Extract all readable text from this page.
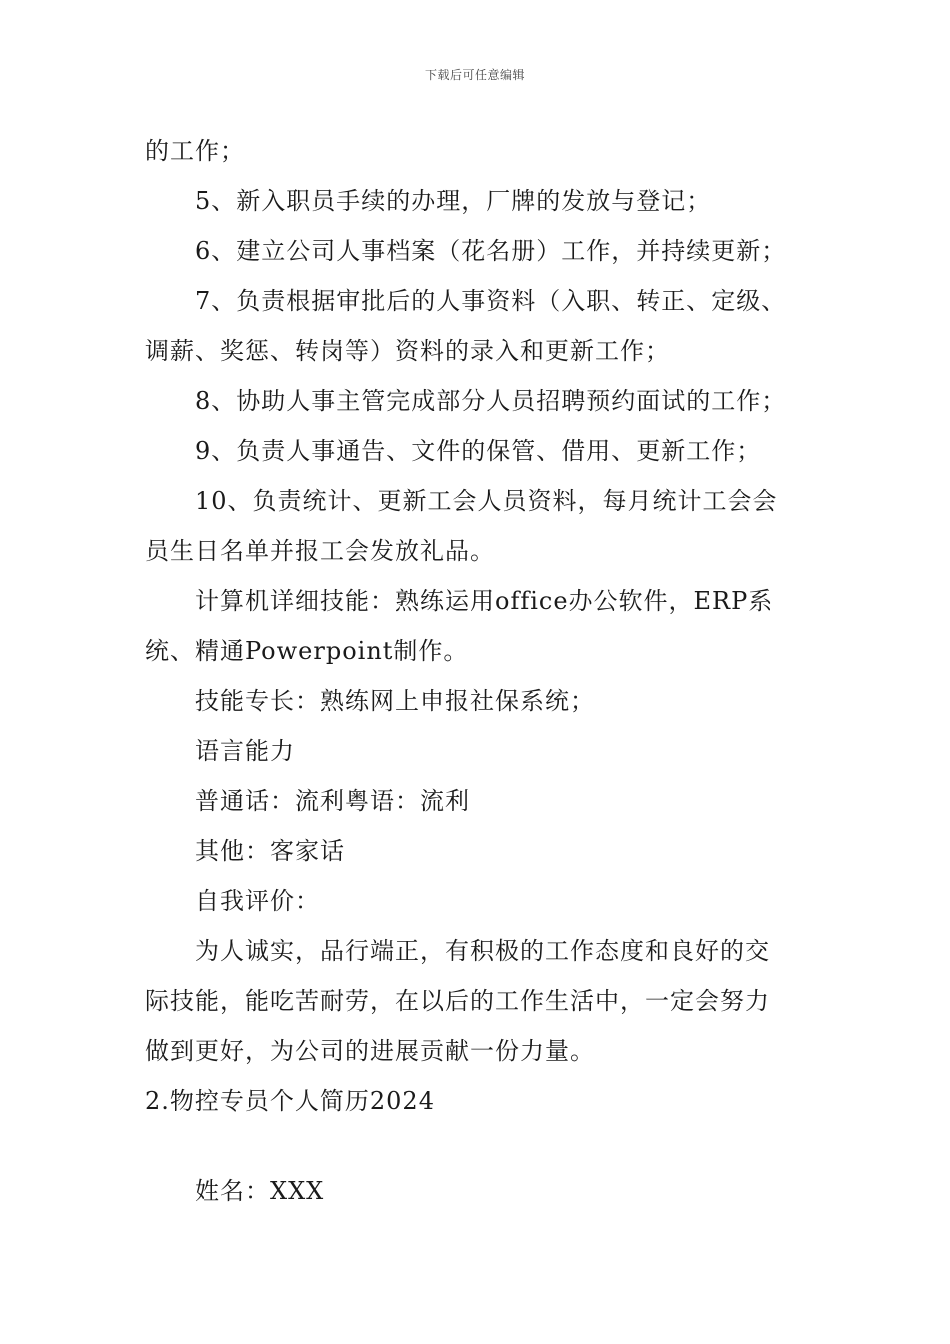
下载后可任意编辑
的工作；
5、新入职员手续的办理，厂牌的发放与登记；
6、建立公司人事档案（花名册）工作，并持续更新；
7、负责根据审批后的人事资料（入职、转正、定级、
调薪、奖惩、转岗等）资料的录入和更新工作；
8、协助人事主管完成部分人员招聘预约面试的工作；
9、负责人事通告、文件的保管、借用、更新工作；
10、负责统计、更新工会人员资料，每月统计工会会
员生日名单并报工会发放礼品。
计算机详细技能：熟练运用office办公软件，ERP系
统、精通Powerpoint制作。
技能专长：熟练网上申报社保系统；
语言能力
普通话：流利粤语：流利
其他：客家话
自我评价：
为人诚实，品行端正，有积极的工作态度和良好的交
际技能，能吃苦耐劳，在以后的工作生活中，一定会努力
做到更好，为公司的进展贡献一份力量。
2.物控专员个人简历2024
姓名：XXX
